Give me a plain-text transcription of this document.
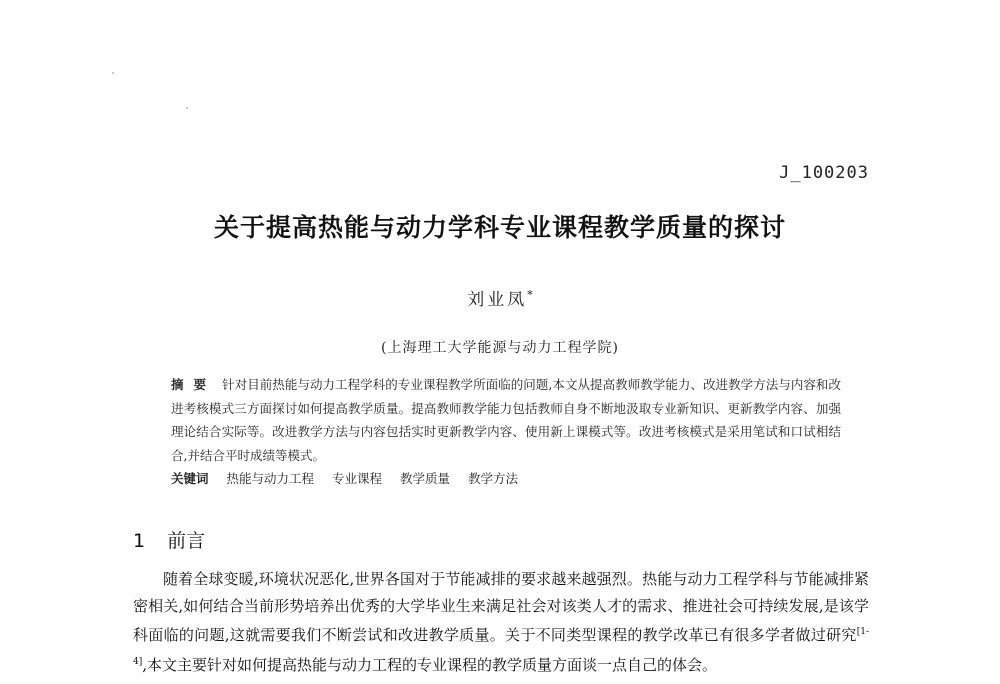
J_100203
关于提高热能与动力学科专业课程教学质量的探讨
刘业凤*
(上海理工大学能源与动力工程学院)

摘要 针对目前热能与动力工程学科的专业课程教学所面临的问题,本文从提高教师教学能力、改进教学方法与内容和改进考核模式三方面探讨如何提高教学质量。提高教师教学能力包括教师自身不断地汲取专业新知识、更新教学内容、加强理论结合实际等。改进教学方法与内容包括实时更新教学内容、使用新上课模式等。改进考核模式是采用笔试和口试相结合,并结合平时成绩等模式。

关键词 热能与动力工程 专业课程 教学质量 教学方法
1 前言

随着全球变暖,环境状况恶化,世界各国对于节能减排的要求越来越强烈。热能与动力工程学科与节能减排紧密相关,如何结合当前形势培养出优秀的大学毕业生来满足社会对该类人才的需求、推进社会可持续发展,是该学科面临的问题,这就需要我们不断尝试和改进教学质量。关于不同类型课程的教学改革已有很多学者做过研究[1-4],本文主要针对如何提高热能与动力工程的专业课程的教学质量方面谈一点自己的体会。
